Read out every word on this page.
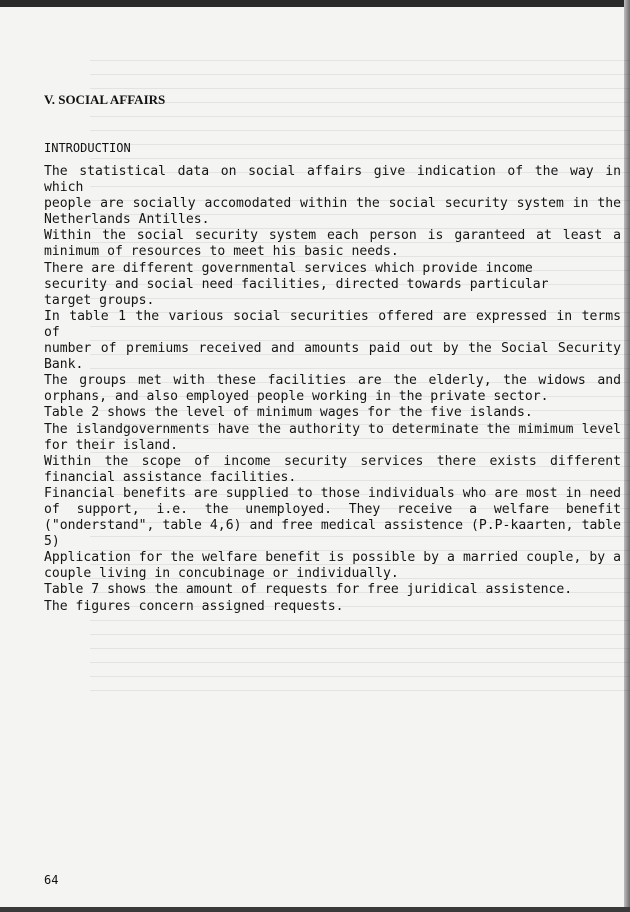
V. SOCIAL AFFAIRS
INTRODUCTION
The statistical data on social affairs give indication of the way in which
people are socially accomodated within the social security system in the
Netherlands Antilles.
Within the social security system each person is garanteed at least a
minimum of resources to meet his basic needs.
There are different governmental services which provide income
security and social need facilities, directed towards particular
target groups.
In table 1 the various social securities offered are expressed in terms of
number of premiums received and amounts paid out by the Social Security
Bank.
The groups met with these facilities are the elderly, the widows and
orphans, and also employed people working in the private sector.
Table 2 shows the level of minimum wages for the five islands.
The islandgovernments have the authority to determinate the mimimum level
for their island.
Within the scope of income security services there exists different
financial assistance facilities.
Financial benefits are supplied to those individuals who are most in need
of support, i.e. the unemployed. They receive a welfare benefit
("onderstand", table 4,6) and free medical assistence (P.P-kaarten, table
5)
Application for the welfare benefit is possible by a married couple, by a
couple living in concubinage or individually.
Table 7 shows the amount of requests for free juridical assistence.
The figures concern assigned requests.
64
